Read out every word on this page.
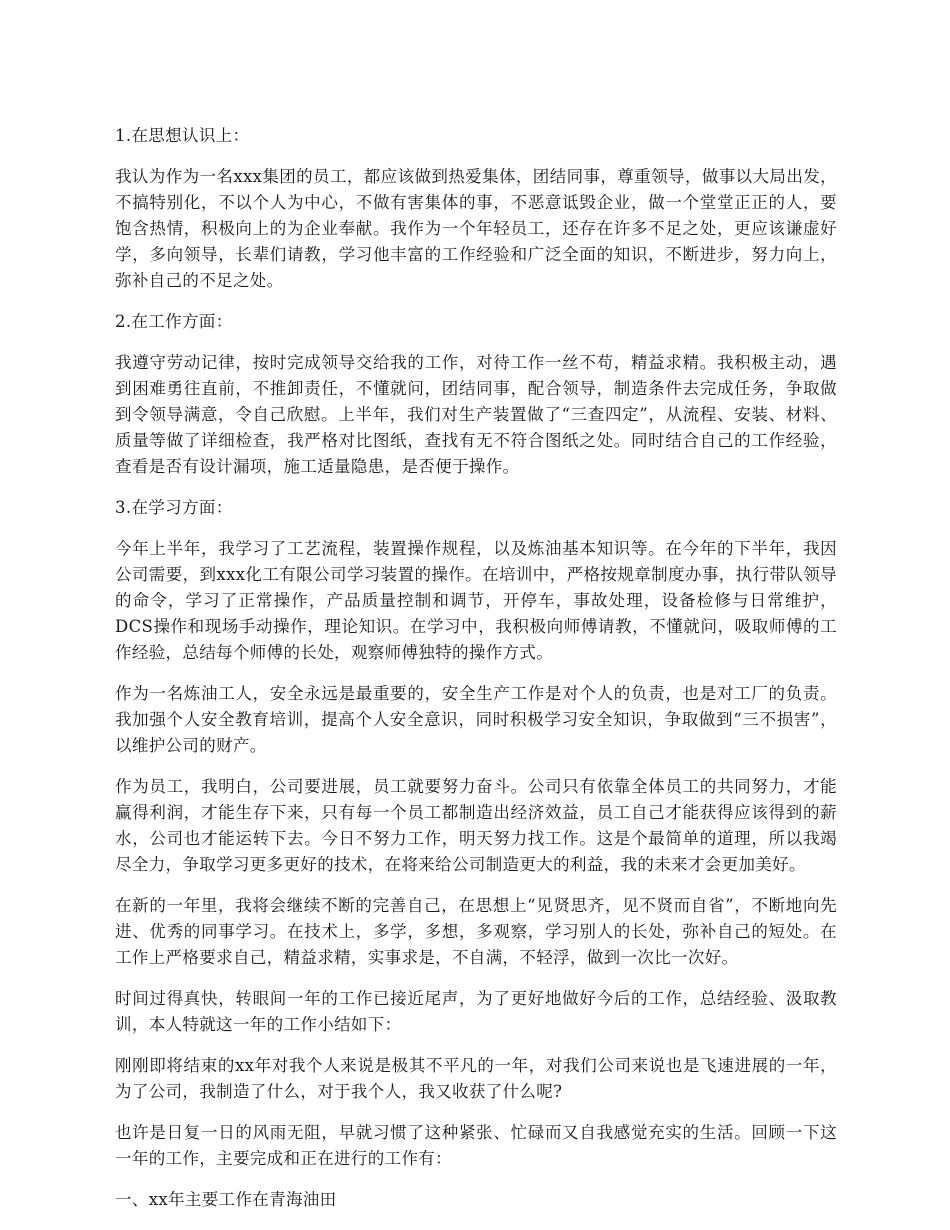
1.在思想认识上：

我认为作为一名xxx集团的员工，都应该做到热爱集体，团结同事，尊重领导，做事以大局出发，不搞特别化，不以个人为中心，不做有害集体的事，不恶意诋毁企业，做一个堂堂正正的人，要饱含热情，积极向上的为企业奉献。我作为一个年轻员工，还存在许多不足之处，更应该谦虚好学，多向领导，长辈们请教，学习他丰富的工作经验和广泛全面的知识，不断进步，努力向上，弥补自己的不足之处。

2.在工作方面：

我遵守劳动记律，按时完成领导交给我的工作，对待工作一丝不苟，精益求精。我积极主动，遇到困难勇往直前，不推卸责任，不懂就问，团结同事，配合领导，制造条件去完成任务，争取做到令领导满意，令自己欣慰。上半年，我们对生产装置做了“三查四定”，从流程、安装、材料、质量等做了详细检查，我严格对比图纸，查找有无不符合图纸之处。同时结合自己的工作经验，查看是否有设计漏项，施工适量隐患，是否便于操作。

3.在学习方面：

今年上半年，我学习了工艺流程，装置操作规程，以及炼油基本知识等。在今年的下半年，我因公司需要，到xxx化工有限公司学习装置的操作。在培训中，严格按规章制度办事，执行带队领导的命令，学习了正常操作，产品质量控制和调节，开停车，事故处理，设备检修与日常维护，DCS操作和现场手动操作，理论知识。在学习中，我积极向师傅请教，不懂就问，吸取师傅的工作经验，总结每个师傅的长处，观察师傅独特的操作方式。

作为一名炼油工人，安全永远是最重要的，安全生产工作是对个人的负责，也是对工厂的负责。我加强个人安全教育培训，提高个人安全意识，同时积极学习安全知识，争取做到“三不损害”，以维护公司的财产。

作为员工，我明白，公司要进展，员工就要努力奋斗。公司只有依靠全体员工的共同努力，才能赢得利润，才能生存下来，只有每一个员工都制造出经济效益，员工自己才能获得应该得到的薪水，公司也才能运转下去。今日不努力工作，明天努力找工作。这是个最简单的道理，所以我竭尽全力，争取学习更多更好的技术，在将来给公司制造更大的利益，我的未来才会更加美好。

在新的一年里，我将会继续不断的完善自己，在思想上“见贤思齐，见不贤而自省”，不断地向先进、优秀的同事学习。在技术上，多学，多想，多观察，学习别人的长处，弥补自己的短处。在工作上严格要求自己，精益求精，实事求是，不自满，不轻浮，做到一次比一次好。

时间过得真快，转眼间一年的工作已接近尾声，为了更好地做好今后的工作，总结经验、汲取教训，本人特就这一年的工作小结如下：

刚刚即将结束的xx年对我个人来说是极其不平凡的一年，对我们公司来说也是飞速进展的一年，为了公司，我制造了什么，对于我个人，我又收获了什么呢?

也许是日复一日的风雨无阻，早就习惯了这种紧张、忙碌而又自我感觉充实的生活。回顾一下这一年的工作，主要完成和正在进行的工作有：

一、xx年主要工作在青海油田
